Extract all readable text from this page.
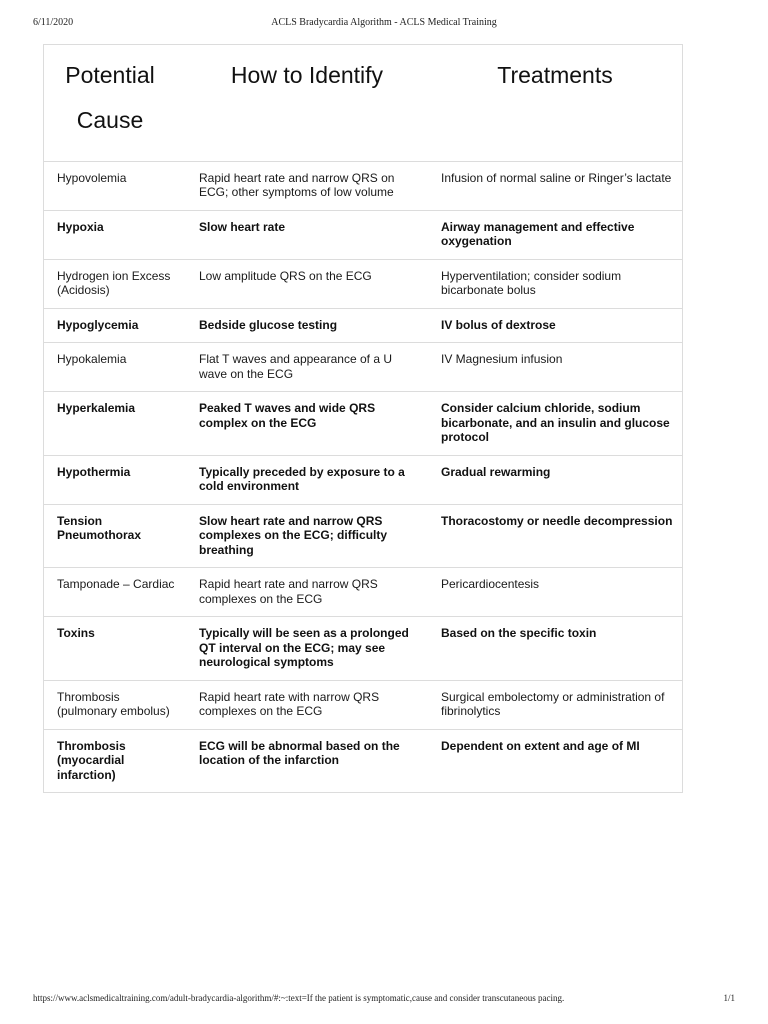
6/11/2020	ACLS Bradycardia Algorithm - ACLS Medical Training
Potential Cause	How to Identify	Treatments
Hypovolemia	Rapid heart rate and narrow QRS on ECG; other symptoms of low volume	Infusion of normal saline or Ringer’s lactate
Hypoxia	Slow heart rate	Airway management and effective oxygenation
Hydrogen ion Excess (Acidosis)	Low amplitude QRS on the ECG	Hyperventilation; consider sodium bicarbonate bolus
Hypoglycemia	Bedside glucose testing	IV bolus of dextrose
Hypokalemia	Flat T waves and appearance of a U wave on the ECG	IV Magnesium infusion
Hyperkalemia	Peaked T waves and wide QRS complex on the ECG	Consider calcium chloride, sodium bicarbonate, and an insulin and glucose protocol
Hypothermia	Typically preceded by exposure to a cold environment	Gradual rewarming
Tension Pneumothorax	Slow heart rate and narrow QRS complexes on the ECG; difficulty breathing	Thoracostomy or needle decompression
Tamponade – Cardiac	Rapid heart rate and narrow QRS complexes on the ECG	Pericardiocentesis
Toxins	Typically will be seen as a prolonged QT interval on the ECG; may see neurological symptoms	Based on the specific toxin
Thrombosis (pulmonary embolus)	Rapid heart rate with narrow QRS complexes on the ECG	Surgical embolectomy or administration of fibrinolytics
Thrombosis (myocardial infarction)	ECG will be abnormal based on the location of the infarction	Dependent on extent and age of MI
https://www.aclsmedicaltraining.com/adult-bradycardia-algorithm/#:~:text=If the patient is symptomatic,cause and consider transcutaneous pacing.	1/1
